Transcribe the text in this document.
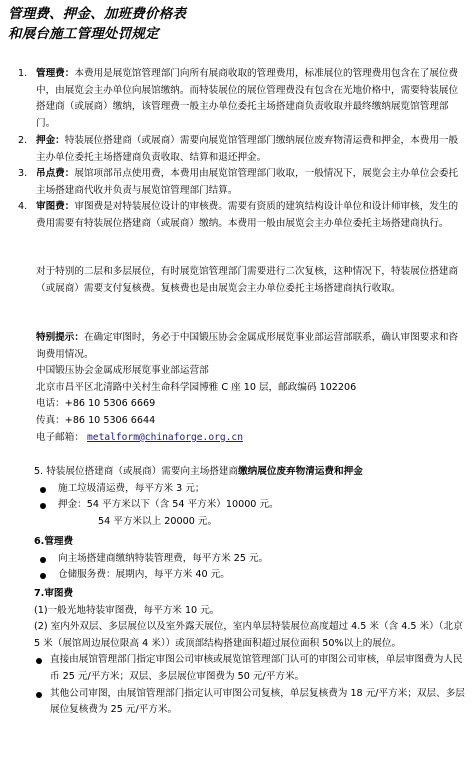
管理费、押金、加班费价格表
和展台施工管理处罚规定
1. 管理费：本费用是展览馆管理部门向所有展商收取的管理费用，标准展位的管理费用包含在了展位费中，由展览会主办单位向展馆缴纳。而特装展位的展位管理费没有包含在光地价格中，需要特装展位搭建商（或展商）缴纳，该管理费一般主办单位委托主场搭建商负责收取并最终缴纳展览馆管理部门。
2. 押金：特装展位搭建商（或展商）需要向展览馆管理部门缴纳展位废弃物清运费和押金，本费用一般主办单位委托主场搭建商负责收取、结算和退还押金。
3. 吊点费：展馆项部吊点使用费，本费用由展览馆管理部门收取，一般情况下，展览会主办单位会委托主场搭建商代收并负责与展览馆管理部门结算。
4. 审图费：审图费是对特装展位设计的审核费。需要有资质的建筑结构设计单位和设计师审核，发生的费用需要有特装展位搭建商（或展商）缴纳。本费用一般由展览会主办单位委托主场搭建商执行。
对于特别的二层和多层展位，有时展览馆管理部门需要进行二次复核，这种情况下，特装展位搭建商（或展商）需要支付复核费。复核费也是由展览会主办单位委托主场搭建商执行收取。
特别提示：在确定审图时，务必于中国锻压协会金属成形展览事业部运营部联系，确认审图要求和咨询费用情况。
中国锻压协会金属成形展览事业部运营部
北京市昌平区北清路中关村生命科学园博雅 C 座 10 层，邮政编码 102206
电话：+86 10 5306 6669
传真：+86 10 5306 6644
电子邮箱： metalform@chinaforge.org.cn
5. 特装展位搭建商（或展商）需要向主场搭建商缴纳展位废弃物清运费和押金
施工垃圾清运费，每平方米 3 元；
押金：54 平方米以下（含 54 平方米）10000 元。
54 平方米以上 20000 元。
6.管理费
向主场搭建商缴纳特装管理费，每平方米 25 元。
仓储服务费：展期内，每平方米 40 元。
7.审图费
(1)一般光地特装审图费，每平方米 10 元。
(2) 室内外双层、多层展位以及室外露天展位，室内单层特装展位高度超过 4.5 米（含 4.5 米）（北京 5 米（展馆周边展位限高 4 米））或顶部结构搭建面积超过展位面积 50%以上的展位。
直接由展馆管理部门指定审图公司审核或展览馆管理部门认可的审图公司审核，单层审图费为人民币 25 元/平方米；双层、多层展位审图费为 50 元/平方米。
其他公司审图，由展馆管理部门指定认可审图公司复核，单层复核费为 18 元/平方米；双层、多层展位复核费为 25 元/平方米。
